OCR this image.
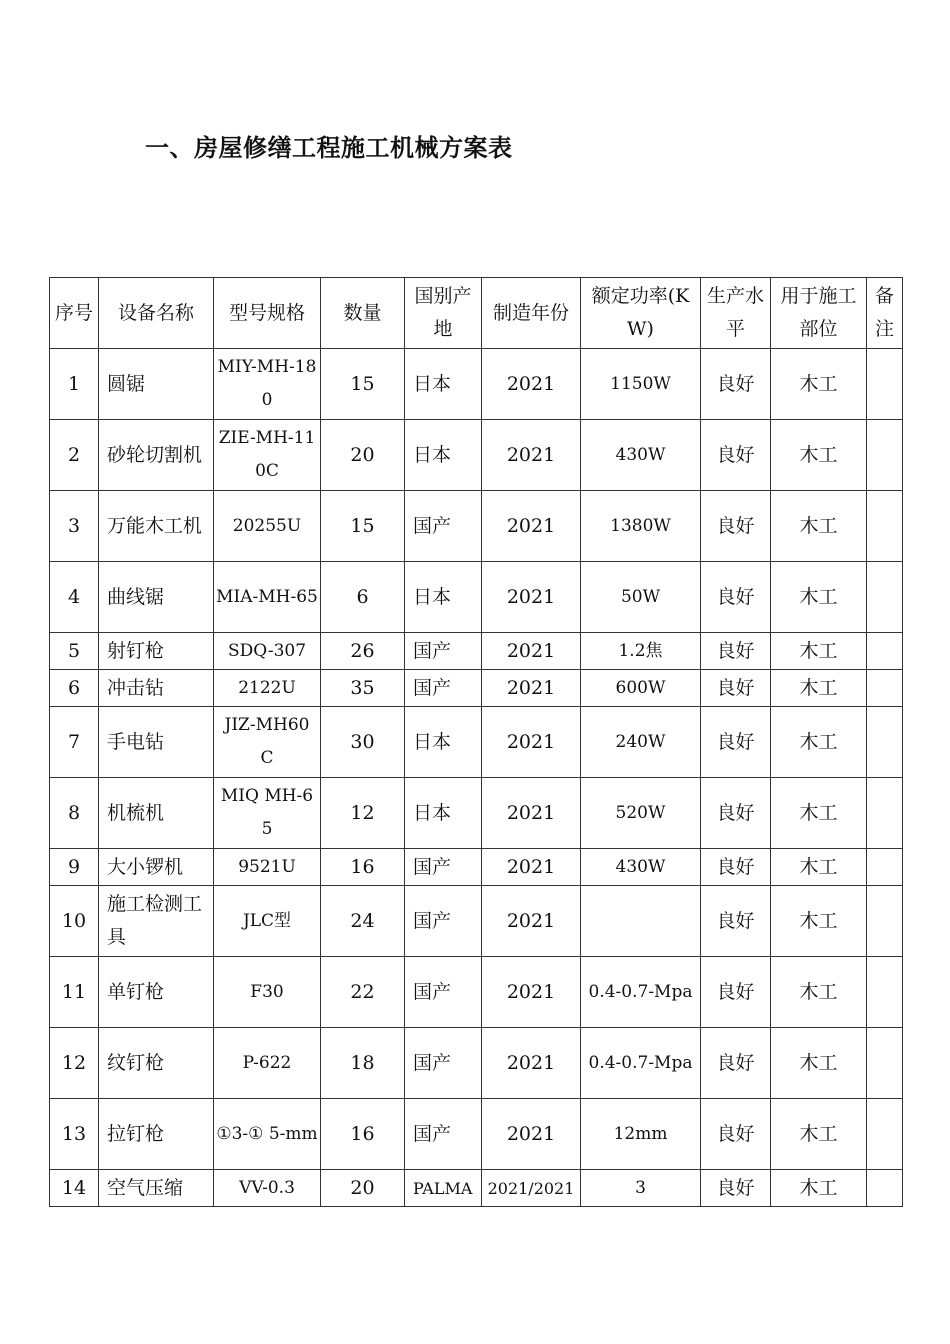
一、房屋修缮工程施工机械方案表
序号	设备名称	型号规格	数量	国别产地	制造年份	额定功率(KW)	生产水平	用于施工部位	备注
1	圆锯	MIY-MH-180	15	日本	2021	1150W	良好	木工	
2	砂轮切割机	ZIE-MH-110C	20	日本	2021	430W	良好	木工	
3	万能木工机	20255U	15	国产	2021	1380W	良好	木工	
4	曲线锯	MIA-MH-65	6	日本	2021	50W	良好	木工	
5	射钉枪	SDQ-307	26	国产	2021	1.2焦	良好	木工	
6	冲击钻	2122U	35	国产	2021	600W	良好	木工	
7	手电钻	JIZ-MH60 C	30	日本	2021	240W	良好	木工	
8	机梳机	MIQ MH-65	12	日本	2021	520W	良好	木工	
9	大小锣机	9521U	16	国产	2021	430W	良好	木工	
10	施工检测工具	JLC型	24	国产	2021		良好	木工	
11	单钉枪	F30	22	国产	2021	0.4-0.7-Mpa	良好	木工	
12	纹钉枪	P-622	18	国产	2021	0.4-0.7-Mpa	良好	木工	
13	拉钉枪	①3-① 5-mm	16	国产	2021	12mm	良好	木工	
14	空气压缩	VV-0.3	20	PALMA	2021/2021	3	良好	木工	
